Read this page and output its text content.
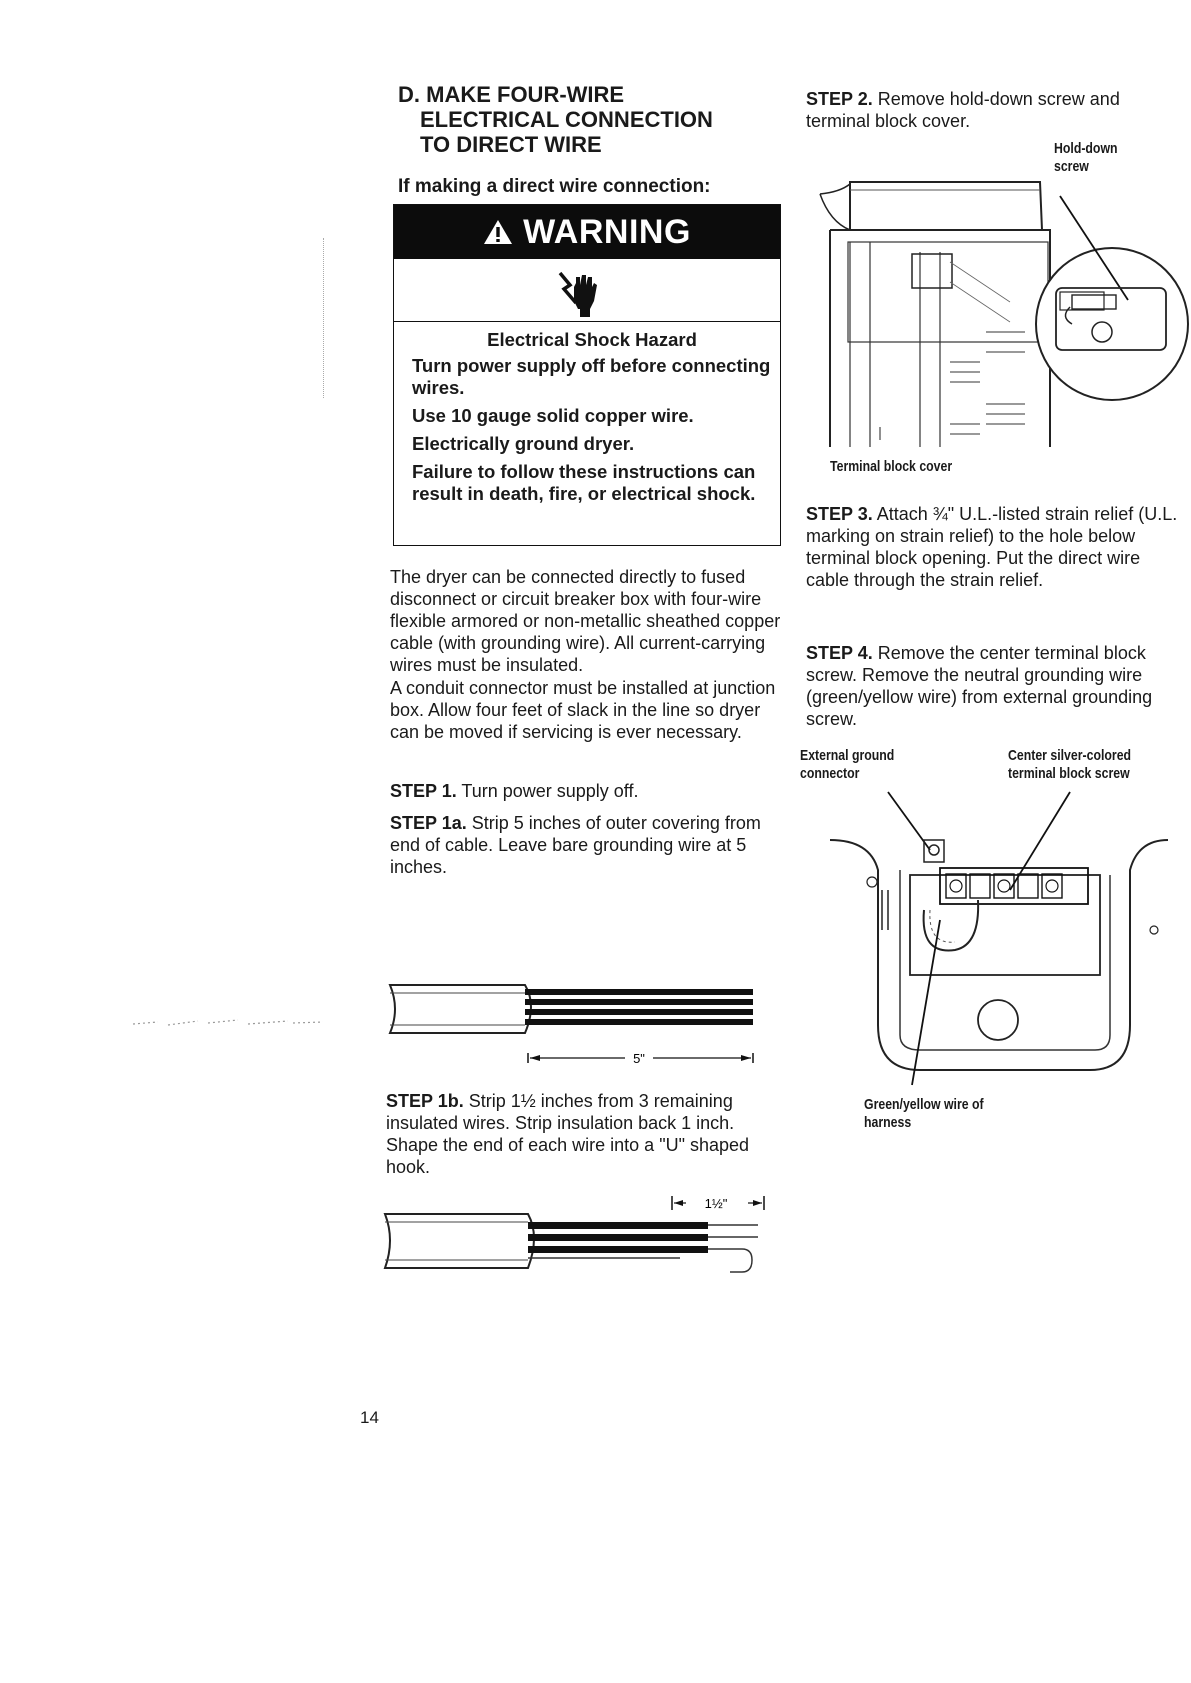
D. MAKE FOUR-WIRE
ELECTRICAL CONNECTION
TO DIRECT WIRE
If making a direct wire connection:
WARNING
Electrical Shock Hazard

Turn power supply off before connecting wires.

Use 10 gauge solid copper wire.

Electrically ground dryer.

Failure to follow these instructions can result in death, fire, or electrical shock.

The dryer can be connected directly to fused disconnect or circuit breaker box with four-wire flexible armored or non-metallic sheathed copper cable (with grounding wire). All current-carrying wires must be insulated.
A conduit connector must be installed at junction box. Allow four feet of slack in the line so dryer can be moved if servicing is ever necessary.
STEP 1. Turn power supply off.
STEP 1a. Strip 5 inches of outer covering from end of cable. Leave bare grounding wire at 5 inches.
5"
STEP 1b. Strip 1½ inches from 3 remaining insulated wires. Strip insulation back 1 inch. Shape the end of each wire into a "U" shaped hook.
1½"
STEP 2. Remove hold-down screw and terminal block cover.
Hold-down screw
Terminal block cover
STEP 3. Attach ¾" U.L.-listed strain relief (U.L. marking on strain relief) to the hole below terminal block opening. Put the direct wire cable through the strain relief.
STEP 4. Remove the center terminal block screw. Remove the neutral grounding wire (green/yellow wire) from external grounding screw.
External ground connector
Center silver-colored terminal block screw
Green/yellow wire of harness
14
